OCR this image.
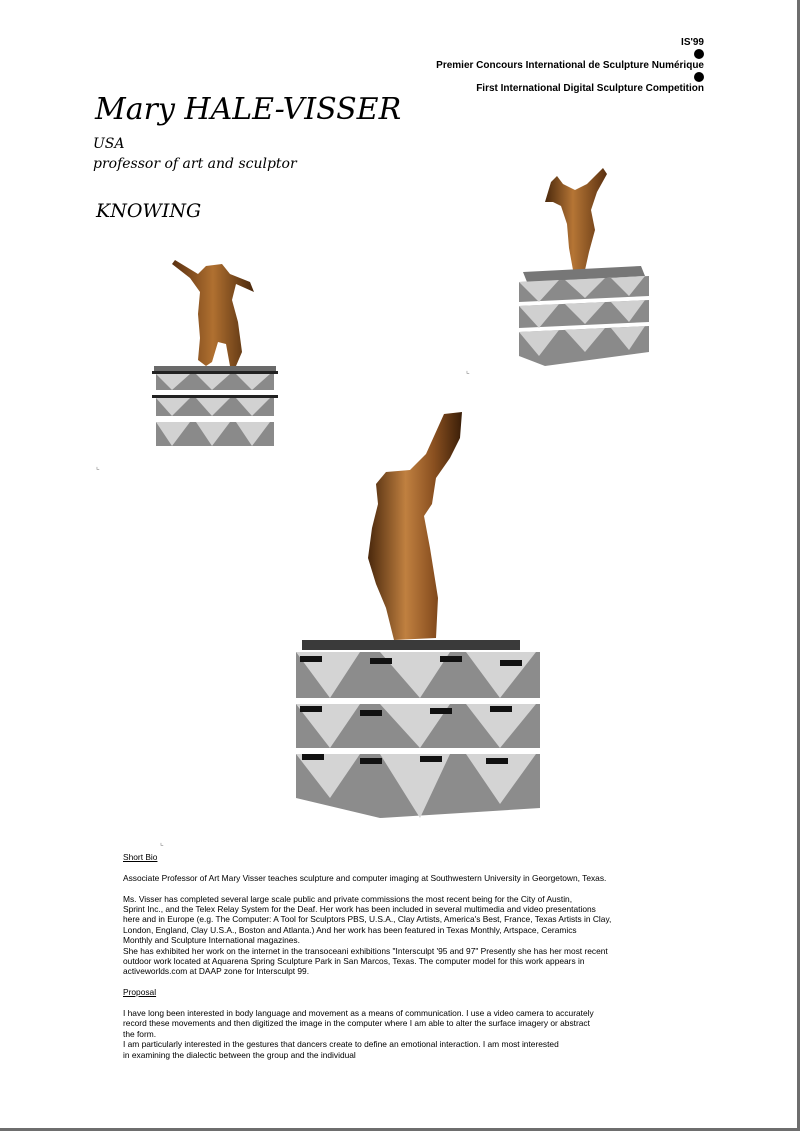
IS'99
Premier Concours International de Sculpture Numérique
First International Digital Sculpture Competition
Mary HALE-VISSER
USA
professor of art and sculptor
KNOWING
⌞
⌞
⌞

Short Bio

Associate Professor of Art Mary Visser teaches sculpture and computer imaging at Southwestern University in Georgetown, Texas.

Ms. Visser has completed several large scale public and private commissions the most recent being for the City of Austin,

Sprint Inc., and the Telex Relay System for the Deaf. Her work has been included in several multimedia and video presentations

here and in Europe (e.g. The Computer: A Tool for Sculptors PBS, U.S.A., Clay Artists, America's Best, France, Texas Artists in Clay,

London, England, Clay U.S.A., Boston and Atlanta.) And her work has been featured in Texas Monthly, Artspace, Ceramics

Monthly and Sculpture International magazines.

She has exhibited her work on the internet in the transoceani exhibitions "Intersculpt '95 and 97" Presently she has her most recent

outdoor work located at Aquarena Spring Sculpture Park in San Marcos, Texas. The computer model for this work appears in

activeworlds.com at DAAP zone for Intersculpt 99.

Proposal

I have long been interested in body language and movement as a means of communication. I use a video camera to accurately

record these movements and then digitized the image in the computer where I am able to alter the surface imagery or abstract

the form.

I am particularly interested in the gestures that dancers create to define an emotional interaction. I am most interested

in examining the dialectic between the group and the individual
